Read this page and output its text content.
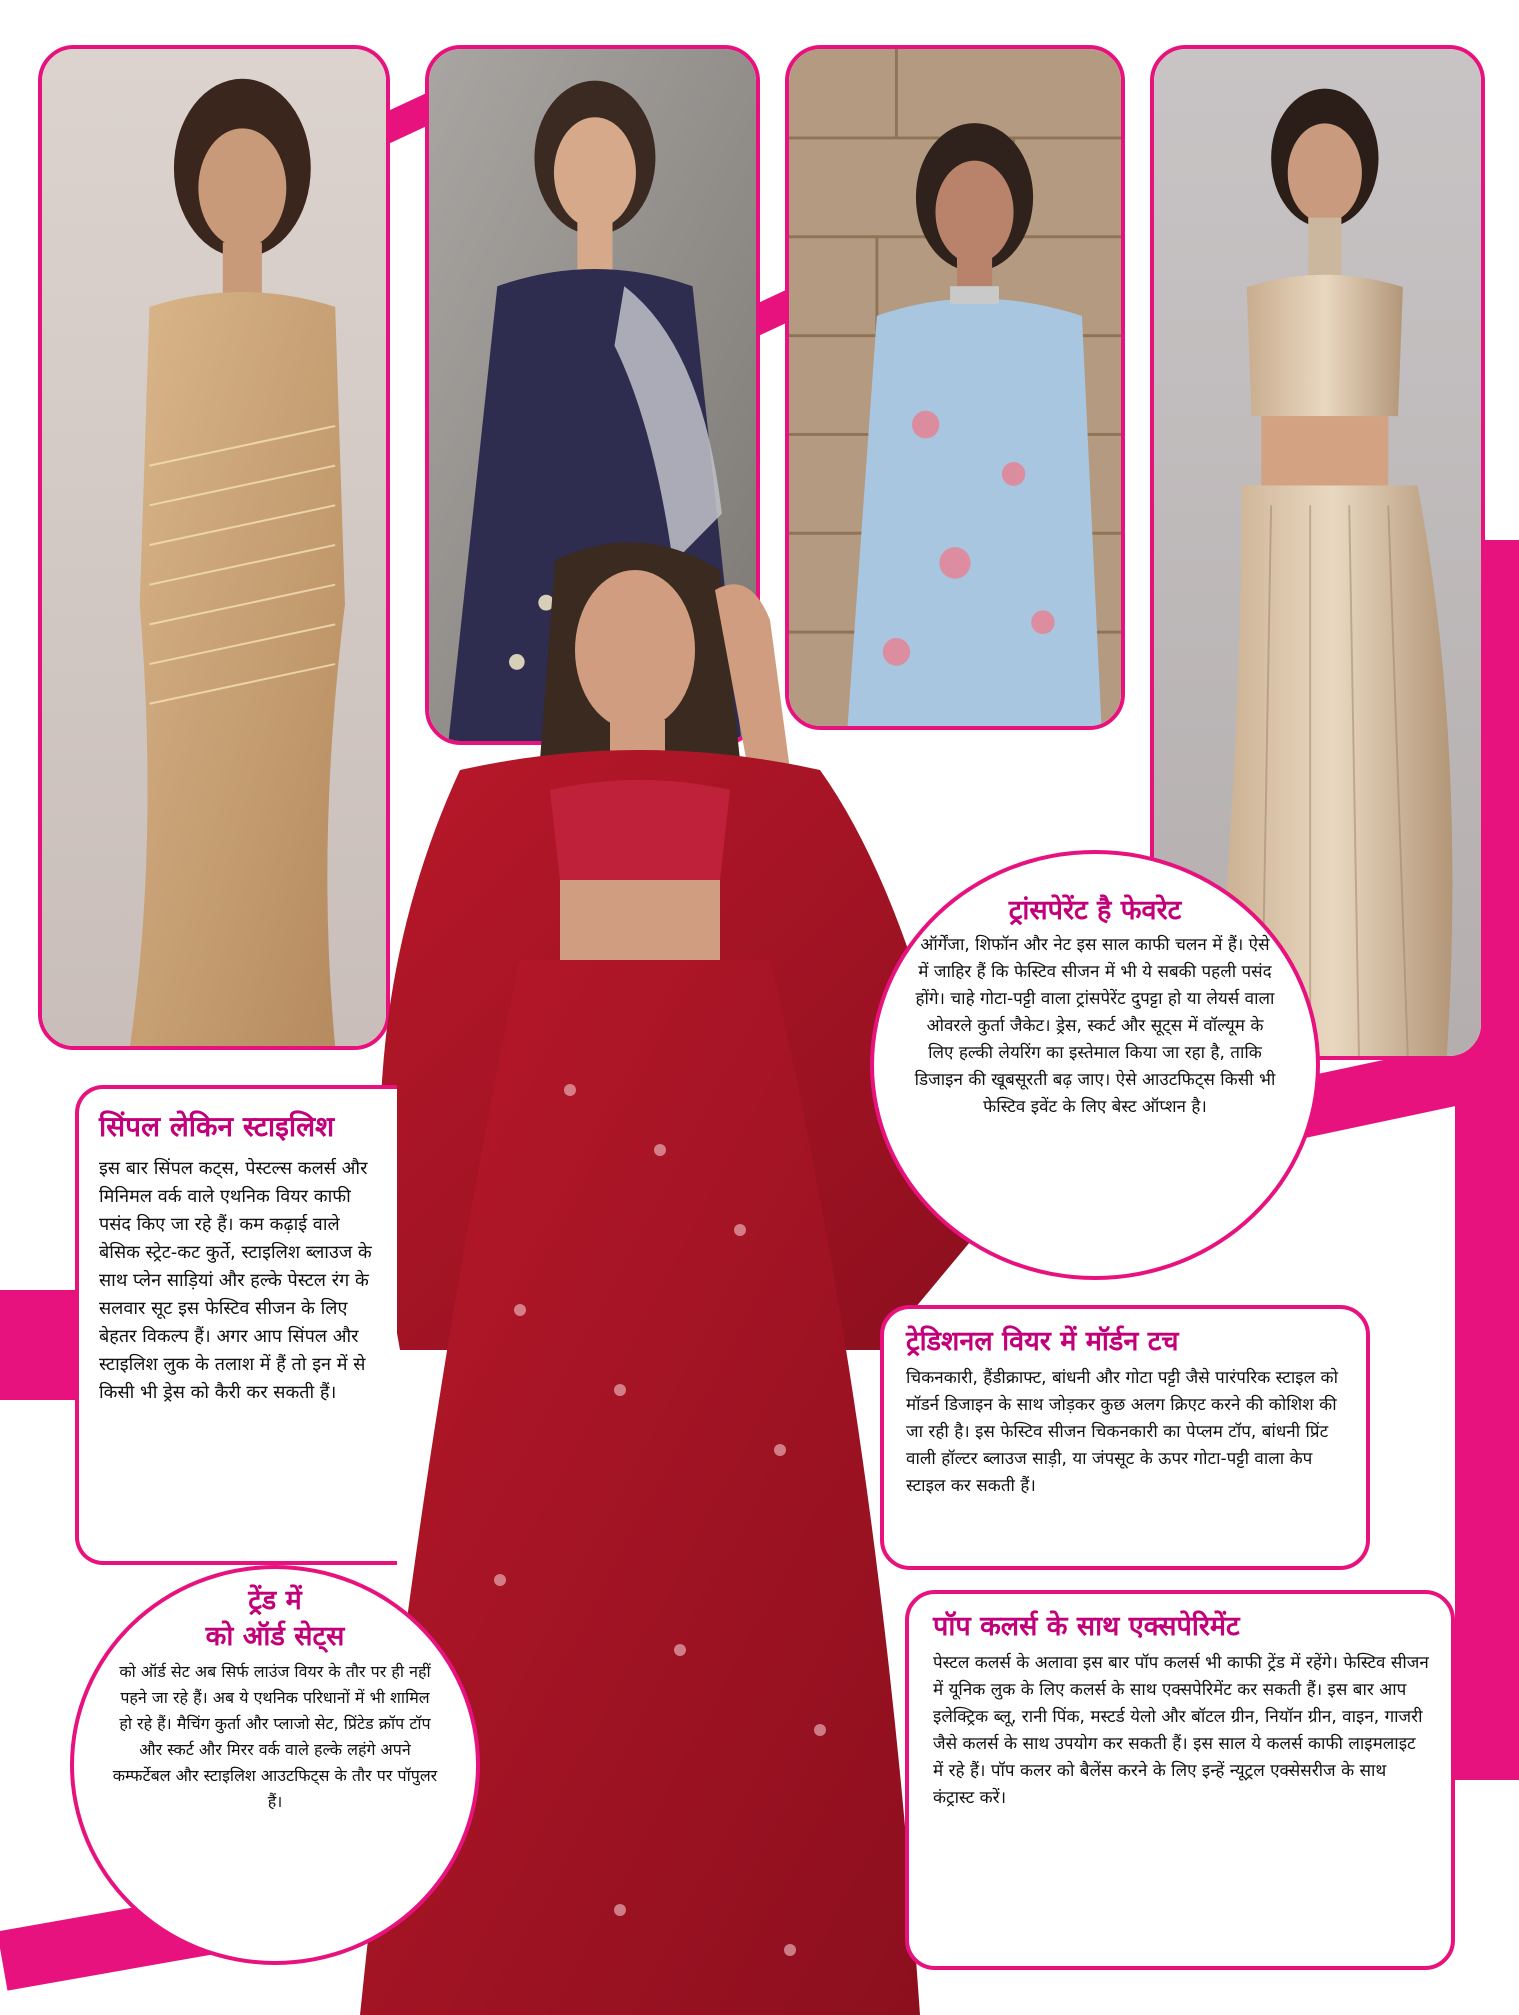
सिंपल लेकिन स्टाइलिश

इस बार सिंपल कट्स, पेस्टल्स कलर्स और मिनिमल वर्क वाले एथनिक वियर काफी पसंद किए जा रहे हैं। कम कढ़ाई वाले बेसिक स्ट्रेट-कट कुर्ते, स्टाइलिश ब्लाउज के साथ प्लेन साड़ियां और हल्के पेस्टल रंग के सलवार सूट इस फेस्टिव सीजन के लिए बेहतर विकल्प हैं। अगर आप सिंपल और स्टाइलिश लुक के तलाश में हैं तो इन में से किसी भी ड्रेस को कैरी कर सकती हैं।

ट्रांसपेरेंट है फेवरेट

ऑर्गेंजा, शिफॉन और नेट इस साल काफी चलन में हैं। ऐसे में जाहिर हैं कि फेस्टिव सीजन में भी ये सबकी पहली पसंद होंगे। चाहे गोटा-पट्टी वाला ट्रांसपेरेंट दुपट्टा हो या लेयर्स वाला ओवरले कुर्ता जैकेट। ड्रेस, स्कर्ट और सूट्स में वॉल्यूम के लिए हल्की लेयरिंग का इस्तेमाल किया जा रहा है, ताकि डिजाइन की खूबसूरती बढ़ जाए। ऐसे आउटफिट्स किसी भी फेस्टिव इवेंट के लिए बेस्ट ऑप्शन है।

ट्रेडिशनल वियर में मॉर्डन टच

चिकनकारी, हैंडीक्राफ्ट, बांधनी और गोटा पट्टी जैसे पारंपरिक स्टाइल को मॉडर्न डिजाइन के साथ जोड़कर कुछ अलग क्रिएट करने की कोशिश की जा रही है। इस फेस्टिव सीजन चिकनकारी का पेप्लम टॉप, बांधनी प्रिंट वाली हॉल्टर ब्लाउज साड़ी, या जंपसूट के ऊपर गोटा-पट्टी वाला केप स्टाइल कर सकती हैं।

ट्रेंड में

को ऑर्ड सेट्स

को ऑर्ड सेट अब सिर्फ लाउंज वियर के तौर पर ही नहीं पहने जा रहे हैं। अब ये एथनिक परिधानों में भी शामिल हो रहे हैं। मैचिंग कुर्ता और प्लाजो सेट, प्रिंटेड क्रॉप टॉप और स्कर्ट और मिरर वर्क वाले हल्के लहंगे अपने कम्फर्टेबल और स्टाइलिश आउटफिट्स के तौर पर पॉपुलर हैं।

पॉप कलर्स के साथ एक्सपेरिमेंट

पेस्टल कलर्स के अलावा इस बार पॉप कलर्स भी काफी ट्रेंड में रहेंगे। फेस्टिव सीजन में यूनिक लुक के लिए कलर्स के साथ एक्सपेरिमेंट कर सकती हैं। इस बार आप इलेक्ट्रिक ब्लू, रानी पिंक, मस्टर्ड येलो और बॉटल ग्रीन, नियॉन ग्रीन, वाइन, गाजरी जैसे कलर्स के साथ उपयोग कर सकती हैं। इस साल ये कलर्स काफी लाइमलाइट में रहे हैं। पॉप कलर को बैलेंस करने के लिए इन्हें न्यूट्रल एक्सेसरीज के साथ कंट्रास्ट करें।
